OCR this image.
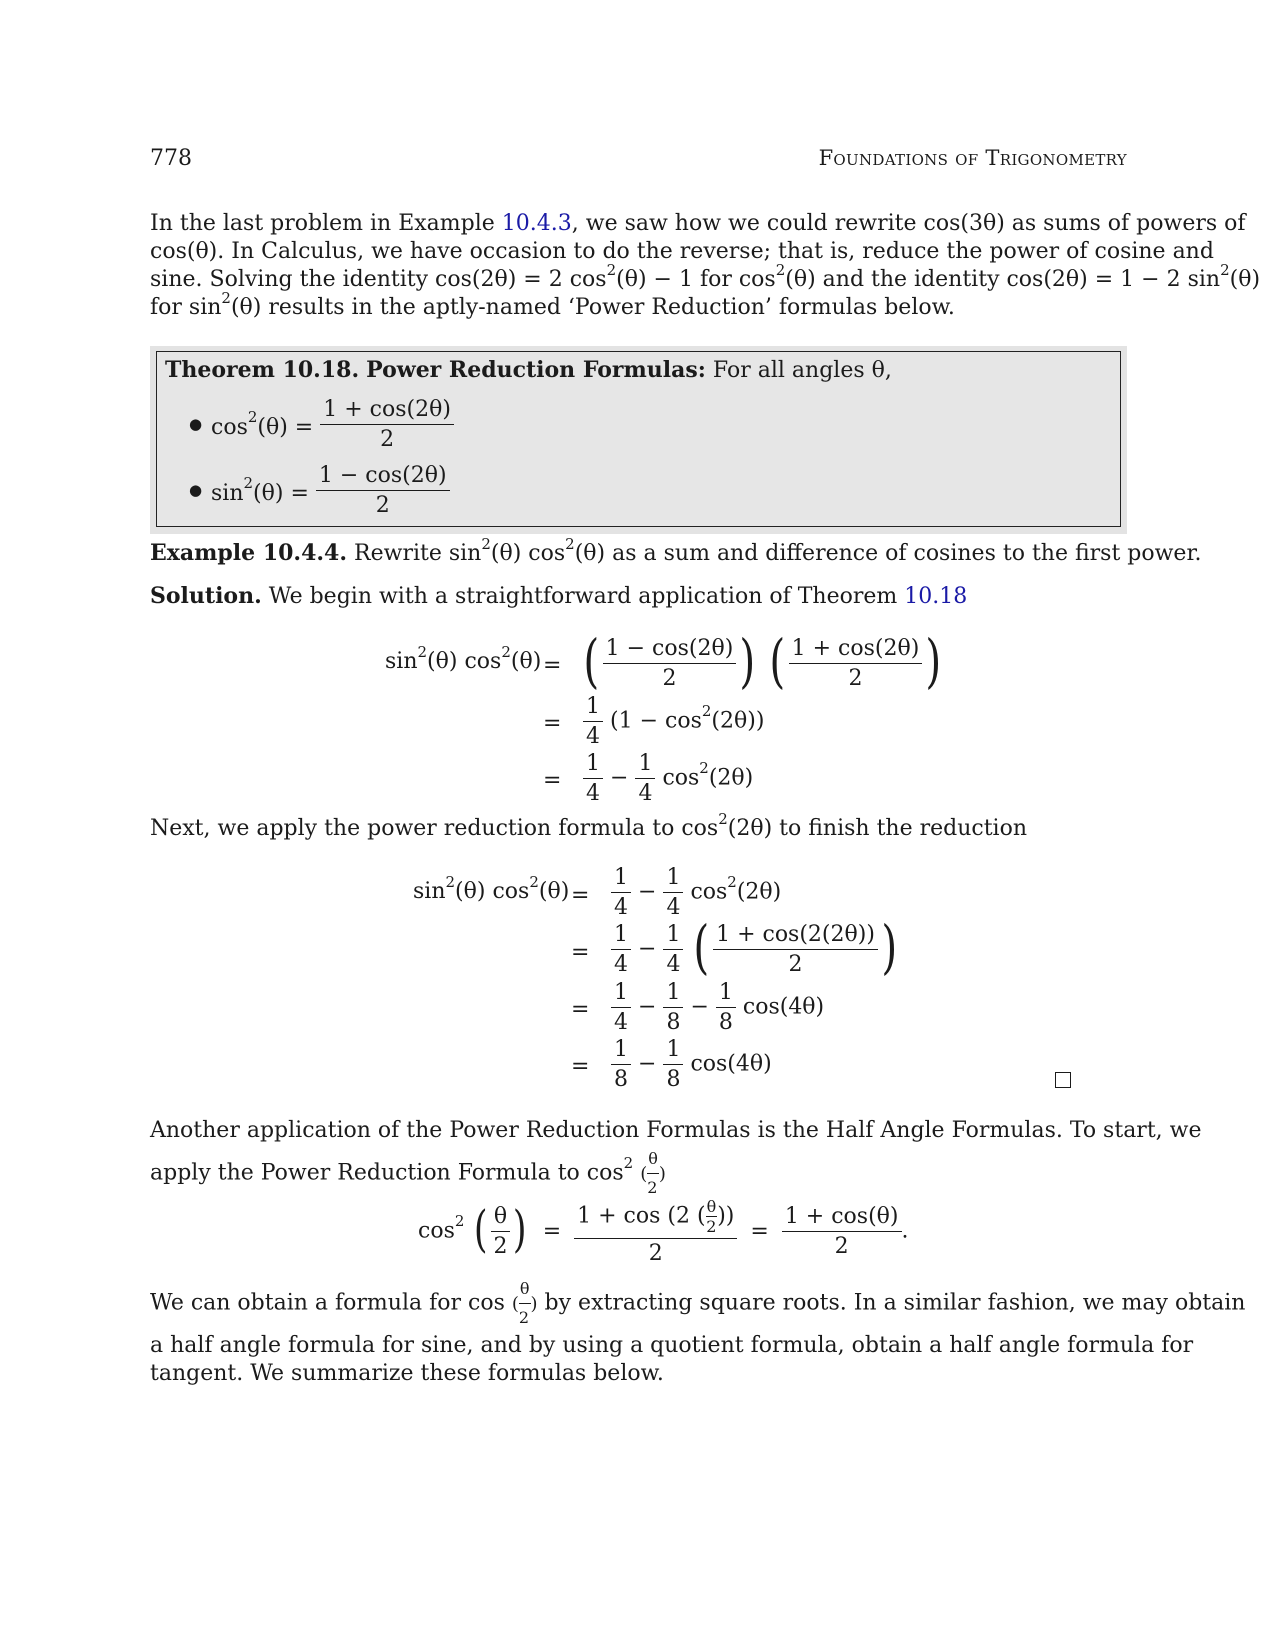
778	Foundations of Trigonometry
In the last problem in Example 10.4.3, we saw how we could rewrite cos(3θ) as sums of powers of
cos(θ). In Calculus, we have occasion to do the reverse; that is, reduce the power of cosine and
sine. Solving the identity cos(2θ) = 2 $\cos^2(\theta) - 1$ for $\cos^2(\theta)$ and the identity cos(2θ) = 1 − 2 $\sin^2(\theta)$
for $\sin^2(\theta)$ results in the aptly-named ‘Power Reduction’ formulas below.
Theorem 10.18. Power Reduction Formulas: For all angles θ,
● $\cos^2(\theta) = \frac{1 + \cos(2\theta)}{2}$
● $\sin^2(\theta) = \frac{1 - \cos(2\theta)}{2}$
Example 10.4.4. Rewrite $\sin^2(\theta)$ $\cos^2(\theta)$ as a sum and difference of cosines to the first power.
Solution. We begin with a straightforward application of Theorem 10.18
$\sin^2(\theta) \cos^2(\theta)$ = ( $\frac{1 - \cos(2\theta)}{2}$ ) ( $\frac{1 + \cos(2\theta)}{2}$ )
= $\frac{1}{4} (1 - \cos^2(2\theta))$
= $\frac{1}{4} - \frac{1}{4} \cos^2(2\theta)$
Next, we apply the power reduction formula to $\cos^2(2\theta)$ to finish the reduction
$\sin^2(\theta) \cos^2(\theta) = \frac{1}{4} - \frac{1}{4} \cos^2(2\theta)$
= $\frac{1}{4} - \frac{1}{4}$ ( $\frac{1 + \cos(2(2\theta))}{2}$ )
= $\frac{1}{4} - \frac{1}{8} - \frac{1}{8} \cos(4\theta)$
= $\frac{1}{8} - \frac{1}{8} \cos(4\theta)$
Another application of the Power Reduction Formulas is the Half Angle Formulas. To start, we
apply the Power Reduction Formula to $\cos^2$ ( $\frac{\theta}{2}$ )
$\cos^2$ ( $\frac{\theta}{2}$ ) = $\frac{1 + \cos (2 ( \frac{\theta}{2} ))}{2} = \frac{1 + \cos(\theta)}{2}$ .
We can obtain a formula for cos ( $\frac{\theta}{2}$ ) by extracting square roots. In a similar fashion, we may obtain
a half angle formula for sine, and by using a quotient formula, obtain a half angle formula for
tangent. We summarize these formulas below.
